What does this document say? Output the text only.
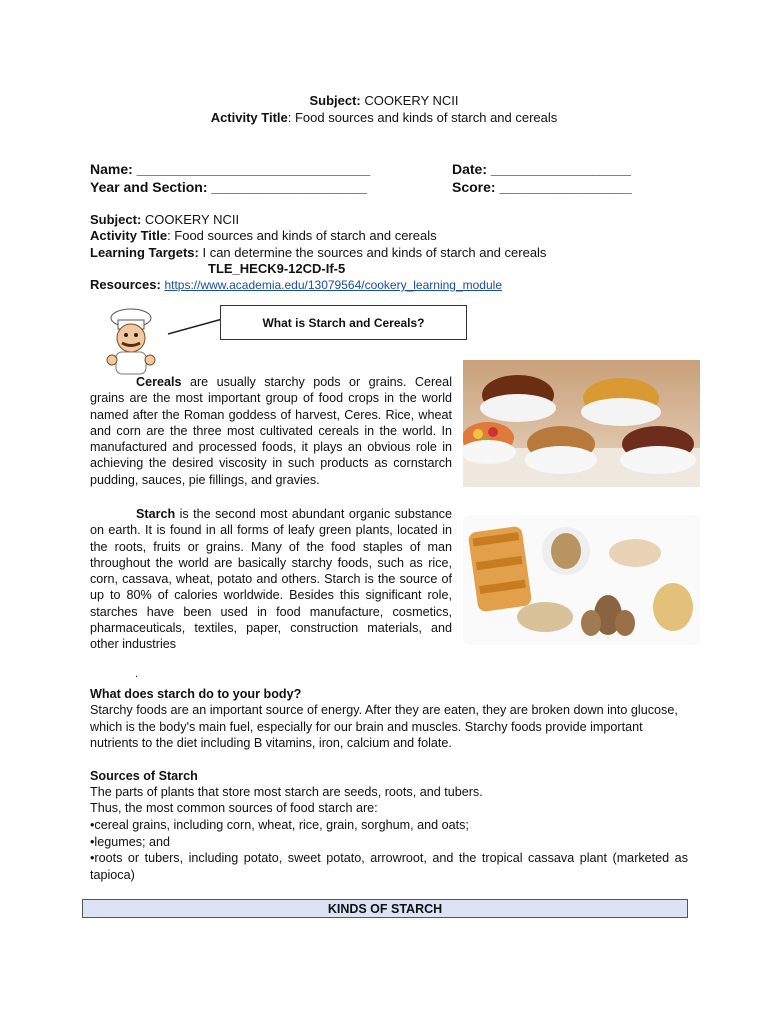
Subject: COOKERY NCII
Activity Title: Food sources and kinds of starch and cereals
Name: ______________________________	Date: __________________
Year and Section: ____________________	Score: _________________
Subject: COOKERY NCII
Activity Title: Food sources and kinds of starch and cereals
Learning Targets: I can determine the sources and kinds of starch and cereals
TLE_HECK9-12CD-If-5
Resources: https://www.academia.edu/13079564/cookery_learning_module
What is Starch and Cereals?
Cereals are usually starchy pods or grains. Cereal grains are the most important group of food crops in the world named after the Roman goddess of harvest, Ceres. Rice, wheat and corn are the three most cultivated cereals in the world. In manufactured and processed foods, it plays an obvious role in achieving the desired viscosity in such products as cornstarch pudding, sauces, pie fillings, and gravies.
Starch is the second most abundant organic substance on earth. It is found in all forms of leafy green plants, located in the roots, fruits or grains. Many of the food staples of man throughout the world are basically starchy foods, such as rice, corn, cassava, wheat, potato and others. Starch is the source of up to 80% of calories worldwide. Besides this significant role, starches have been used in food manufacture, cosmetics, pharmaceuticals, textiles, paper, construction materials, and other industries
.
What does starch do to your body?
Starchy foods are an important source of energy. After they are eaten, they are broken down into glucose, which is the body's main fuel, especially for our brain and muscles. Starchy foods provide important nutrients to the diet including B vitamins, iron, calcium and folate.
Sources of Starch
The parts of plants that store most starch are seeds, roots, and tubers.
Thus, the most common sources of food starch are:
•cereal grains, including corn, wheat, rice, grain, sorghum, and oats;
•legumes; and
•roots or tubers, including potato, sweet potato, arrowroot, and the tropical cassava plant (marketed as tapioca)
KINDS OF STARCH
